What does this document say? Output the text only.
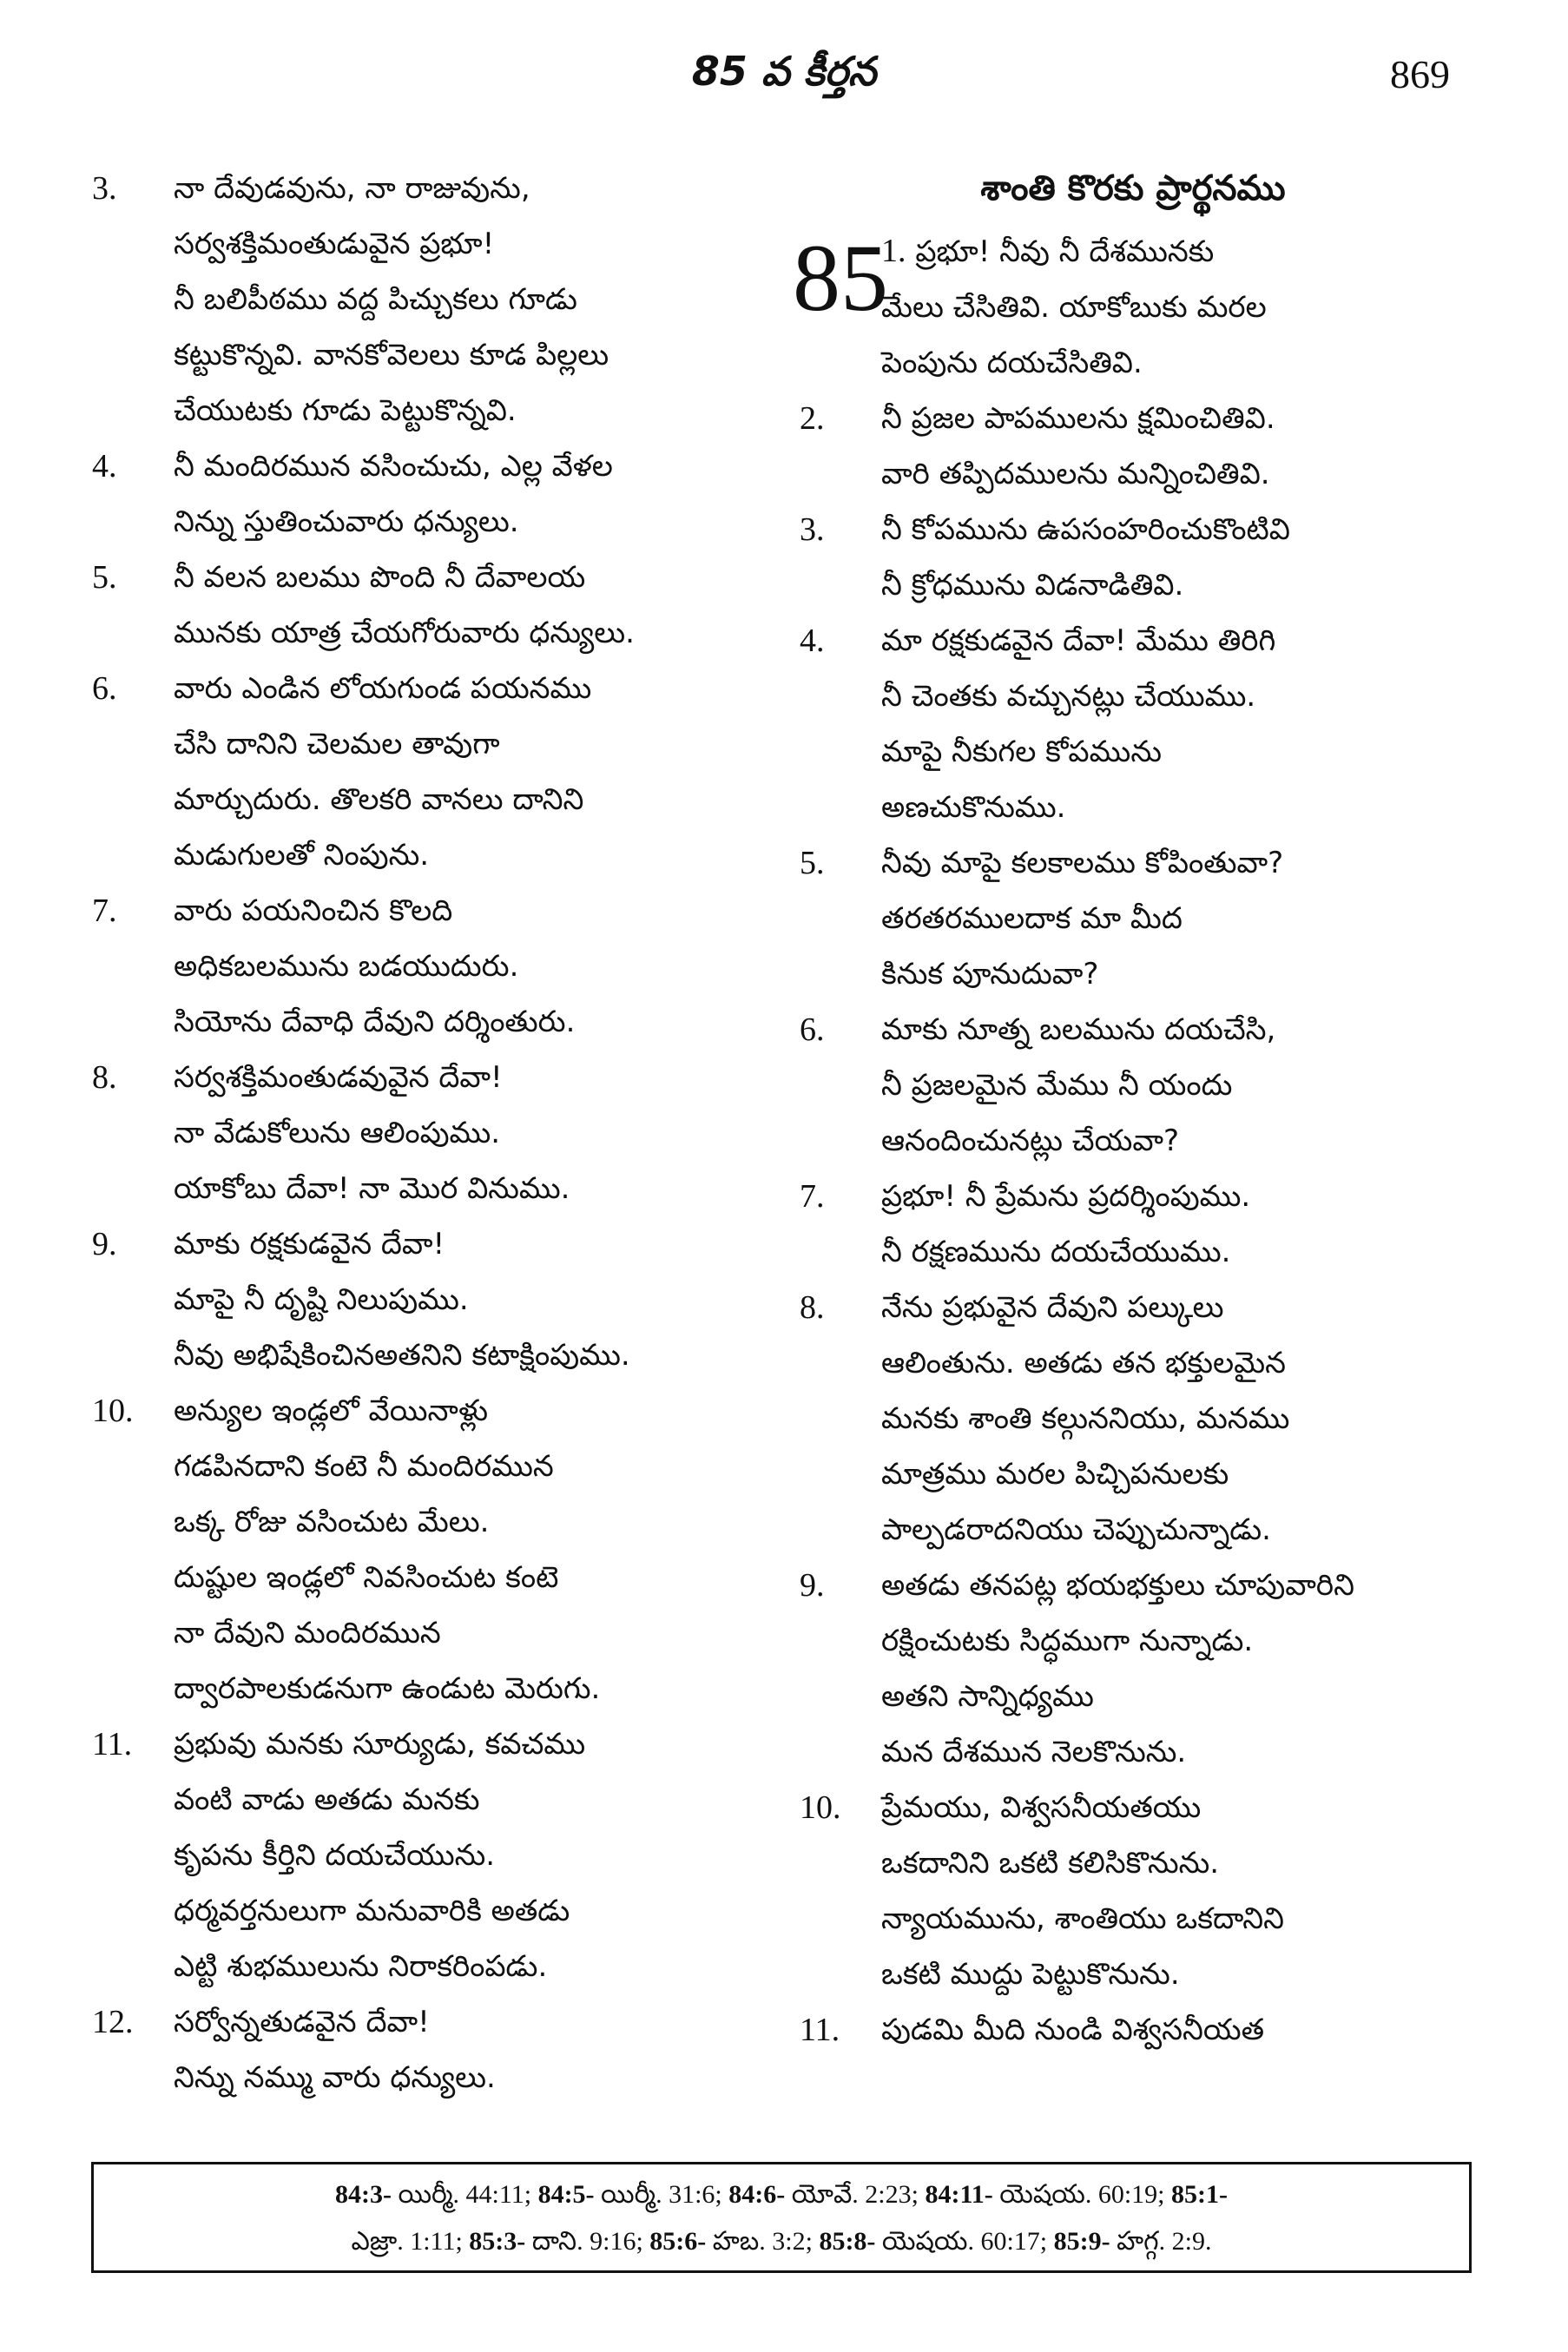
85 వ కీర్తన	869
3. నా దేవుడవును, నా రాజువును,
సర్వశక్తిమంతుడువైన ప్రభూ!
నీ బలిపీఠము వద్ద పిచ్చుకలు గూడు
కట్టుకొన్నవి. వానకోవెలలు కూడ పిల్లలు
చేయుటకు గూడు పెట్టుకొన్నవి.
4. నీ మందిరమున వసించుచు, ఎల్ల వేళల
నిన్ను స్తుతించువారు ధన్యులు.
5. నీ వలన బలము పొంది నీ దేవాలయ
మునకు యాత్ర చేయగోరువారు ధన్యులు.
6. వారు ఎండిన లోయగుండ పయనము
చేసి దానిని చెలమల తావుగా
మార్చుదురు. తొలకరి వానలు దానిని
మడుగులతో నింపును.
7. వారు పయనించిన కొలది
అధికబలమును బడయుదురు.
సియోను దేవాధి దేవుని దర్శింతురు.
8. సర్వశక్తిమంతుడవువైన దేవా!
నా వేడుకోలును ఆలింపుము.
యాకోబు దేవా! నా మొర వినుము.
9. మాకు రక్షకుడవైన దేవా!
మాపై నీ దృష్టి నిలుపుము.
నీవు అభిషేకించినఅతనిని కటాక్షింపుము.
10. అన్యుల ఇండ్లలో వేయినాళ్లు
గడపినదాని కంటె నీ మందిరమున
ఒక్క రోజు వసించుట మేలు.
దుష్టుల ఇండ్లలో నివసించుట కంటె
నా దేవుని మందిరమున
ద్వారపాలకుడనుగా ఉండుట మెరుగు.
11. ప్రభువు మనకు సూర్యుడు, కవచము
వంటి వాడు అతడు మనకు
కృపను కీర్తిని దయచేయును.
ధర్మవర్తనులుగా మనువారికి అతడు
ఎట్టి శుభములును నిరాకరింపడు.
12. సర్వోన్నతుడవైన దేవా!
నిన్ను నమ్ము వారు ధన్యులు.
శాంతి కొరకు ప్రార్థనము
85
1. ప్రభూ! నీవు నీ దేశమునకు
మేలు చేసితివి. యాకోబుకు మరల
పెంపును దయచేసితివి.
2. నీ ప్రజల పాపములను క్షమించితివి.
వారి తప్పిదములను మన్నించితివి.
3. నీ కోపమును ఉపసంహరించుకొంటివి
నీ క్రోధమును విడనాడితివి.
4. మా రక్షకుడవైన దేవా! మేము తిరిగి
నీ చెంతకు వచ్చునట్లు చేయుము.
మాపై నీకుగల కోపమును
అణచుకొనుము.
5. నీవు మాపై కలకాలము కోపింతువా?
తరతరములదాక మా మీద
కినుక పూనుదువా?
6. మాకు నూత్న బలమును దయచేసి,
నీ ప్రజలమైన మేము నీ యందు
ఆనందించునట్లు చేయవా?
7. ప్రభూ! నీ ప్రేమను ప్రదర్శింపుము.
నీ రక్షణమును దయచేయుము.
8. నేను ప్రభువైన దేవుని పల్కులు
ఆలింతును. అతడు తన భక్తులమైన
మనకు శాంతి కల్గుననియు, మనము
మాత్రము మరల పిచ్చిపనులకు
పాల్పడరాదనియు చెప్పుచున్నాడు.
9. అతడు తనపట్ల భయభక్తులు చూపువారిని
రక్షించుటకు సిద్ధముగా నున్నాడు.
అతని సాన్నిధ్యము
మన దేశమున నెలకొనును.
10. ప్రేమయు, విశ్వసనీయతయు
ఒకదానిని ఒకటి కలిసికొనును.
న్యాయమును, శాంతియు ఒకదానిని
ఒకటి ముద్దు పెట్టుకొనును.
11. పుడమి మీది నుండి విశ్వసనీయత
84:3- యిర్మీ. 44:11; 84:5- యిర్మీ. 31:6; 84:6- యోవే. 2:23; 84:11- యెషయ. 60:19; 85:1-
ఎజ్రా. 1:11; 85:3- దాని. 9:16; 85:6- హబ. 3:2; 85:8- యెషయ. 60:17; 85:9- హగ్గ. 2:9.
